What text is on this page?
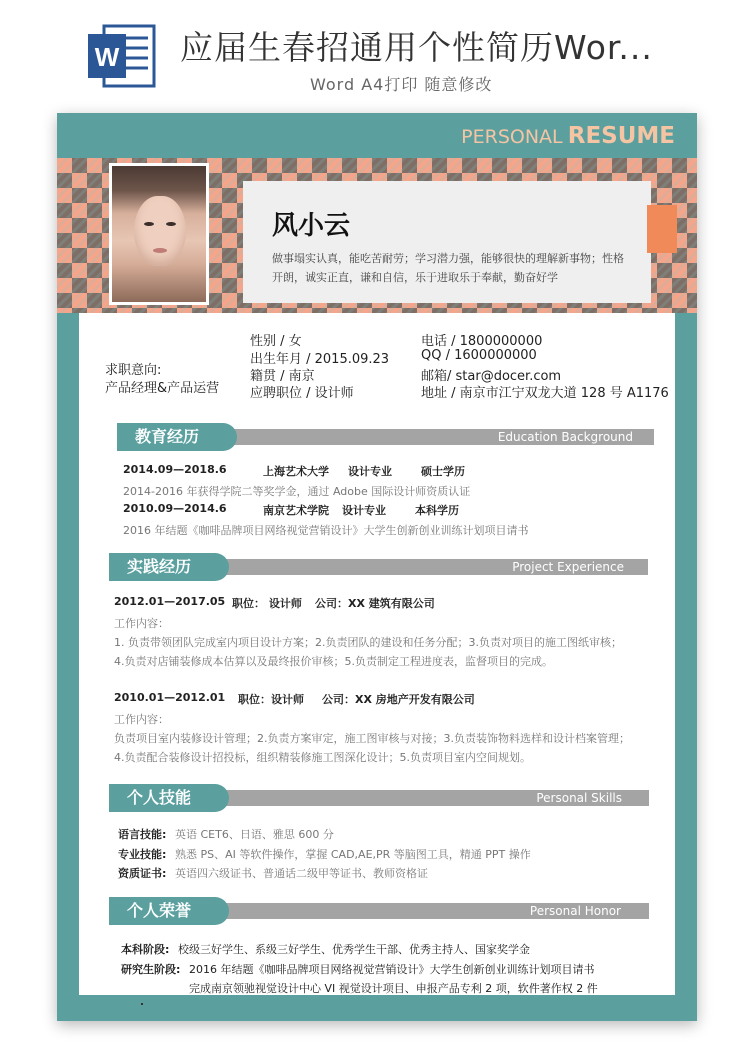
W 应届生春招通用个性简历Wor...
Word A4打印 随意修改
PERSONAL RESUME
风小云
做事塌实认真，能吃苦耐劳；学习潜力强，能够很快的理解新事物；性格开朗，诚实正直，谦和自信，乐于进取乐于奉献，勤奋好学
求职意向:
产品经理&产品运营
性别 / 女
出生年月 / 2015.09.23
籍贯 / 南京
应聘职位 / 设计师
电话 / 1800000000
QQ / 1600000000
邮箱/ star@docer.com
地址 / 南京市江宁双龙大道 128 号 A1176
Education Background
教育经历
2014.09—2018.6	上海艺术大学 设计专业	硕士学历
2014-2016 年获得学院二等奖学金，通过 Adobe 国际设计师资质认证
2010.09—2014.6	南京艺术学院 设计专业	本科学历
2016 年结题《咖啡品牌项目网络视觉营销设计》大学生创新创业训练计划项目请书
Project Experience
实践经历
2012.01—2017.05 职位： 设计师 公司：XX 建筑有限公司
工作内容：
1. 负责带领团队完成室内项目设计方案；2.负责团队的建设和任务分配；3.负责对项目的施工图纸审核；
4.负责对店铺装修成本估算以及最终报价审核；5.负责制定工程进度表，监督项目的完成。
2010.01—2012.01 职位：设计师 公司：XX 房地产开发有限公司
工作内容：
负责项目室内装修设计管理；2.负责方案审定，施工图审核与对接；3.负责装饰物料选样和设计档案管理；
4.负责配合装修设计招投标，组织精装修施工图深化设计；5.负责项目室内空间规划。
Personal Skills
个人技能
语言技能: 英语 CET6、日语、雅思 600 分
专业技能: 熟悉 PS、AI 等软件操作，掌握 CAD,AE,PR 等脑图工具，精通 PPT 操作
资质证书: 英语四六级证书、普通话二级甲等证书、教师资格证
Personal Honor
个人荣誉
本科阶段: 校级三好学生、系级三好学生、优秀学生干部、优秀主持人、国家奖学金
研究生阶段: 2016 年结题《咖啡品牌项目网络视觉营销设计》大学生创新创业训练计划项目请书
完成南京领驰视觉设计中心 VI 视觉设计项目、申报产品专利 2 项，软件著作权 2 件
